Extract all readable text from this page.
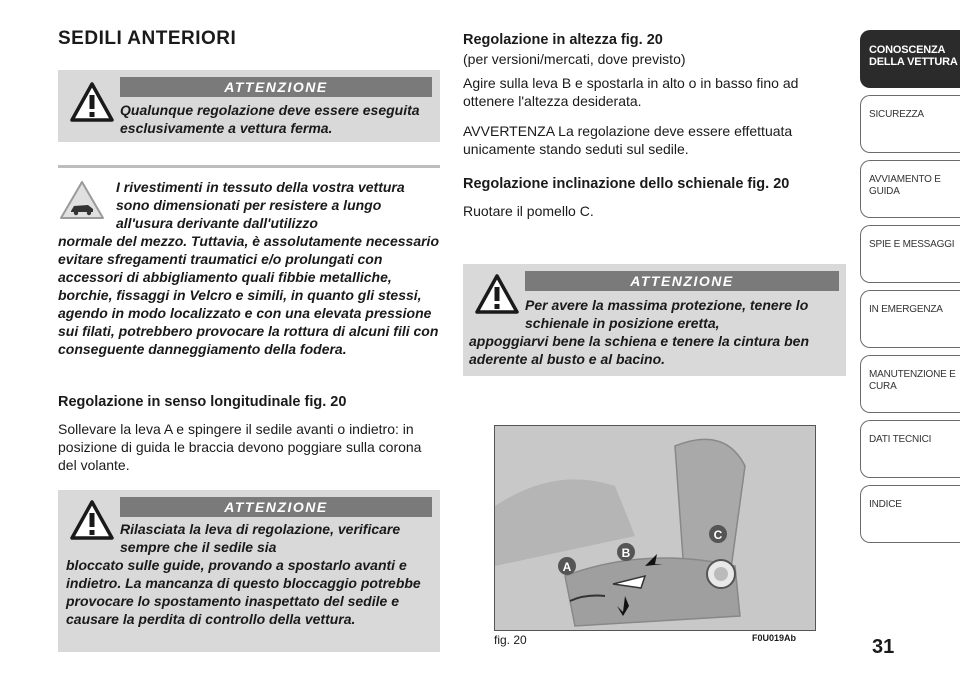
SEDILI ANTERIORI
ATTENZIONE
Qualunque regolazione deve essere eseguita esclusivamente a vettura ferma.
I rivestimenti in tessuto della vostra vettura sono dimensionati per resistere a lungo all'usura derivante dall'utilizzo
normale del mezzo. Tuttavia, è assolutamente necessario evitare sfregamenti traumatici e/o prolungati con accessori di abbigliamento quali fibbie metalliche, borchie, fissaggi in Velcro e simili, in quanto gli stessi, agendo in modo localizzato e con una elevata pressione sui filati, potrebbero provocare la rottura di alcuni fili con conseguente danneggiamento della fodera.
Regolazione in senso longitudinale fig. 20
Sollevare la leva A e spingere il sedile avanti o indietro: in posizione di guida le braccia devono poggiare sulla corona del volante.
ATTENZIONE
Rilasciata la leva di regolazione, verificare sempre che il sedile sia
bloccato sulle guide, provando a spostarlo avanti e indietro. La mancanza di questo bloccaggio potrebbe provocare lo spostamento inaspettato del sedile e causare la perdita di controllo della vettura.
Regolazione in altezza fig. 20
(per versioni/mercati, dove previsto)
Agire sulla leva B e spostarla in alto o in basso fino ad ottenere l'altezza desiderata.
AVVERTENZA La regolazione deve essere effettuata unicamente stando seduti sul sedile.
Regolazione inclinazione dello schienale fig. 20
Ruotare il pomello C.
ATTENZIONE
Per avere la massima protezione, tenere lo schienale in posizione eretta,
appoggiarvi bene la schiena e tenere la cintura ben aderente al busto e al bacino.
A
B
C
fig. 20	F0U019Ab
CONOSCENZA DELLA VETTURA
SICUREZZA
AVVIAMENTO E GUIDA
SPIE E MESSAGGI
IN EMERGENZA
MANUTENZIONE E CURA
DATI TECNICI
INDICE
31
